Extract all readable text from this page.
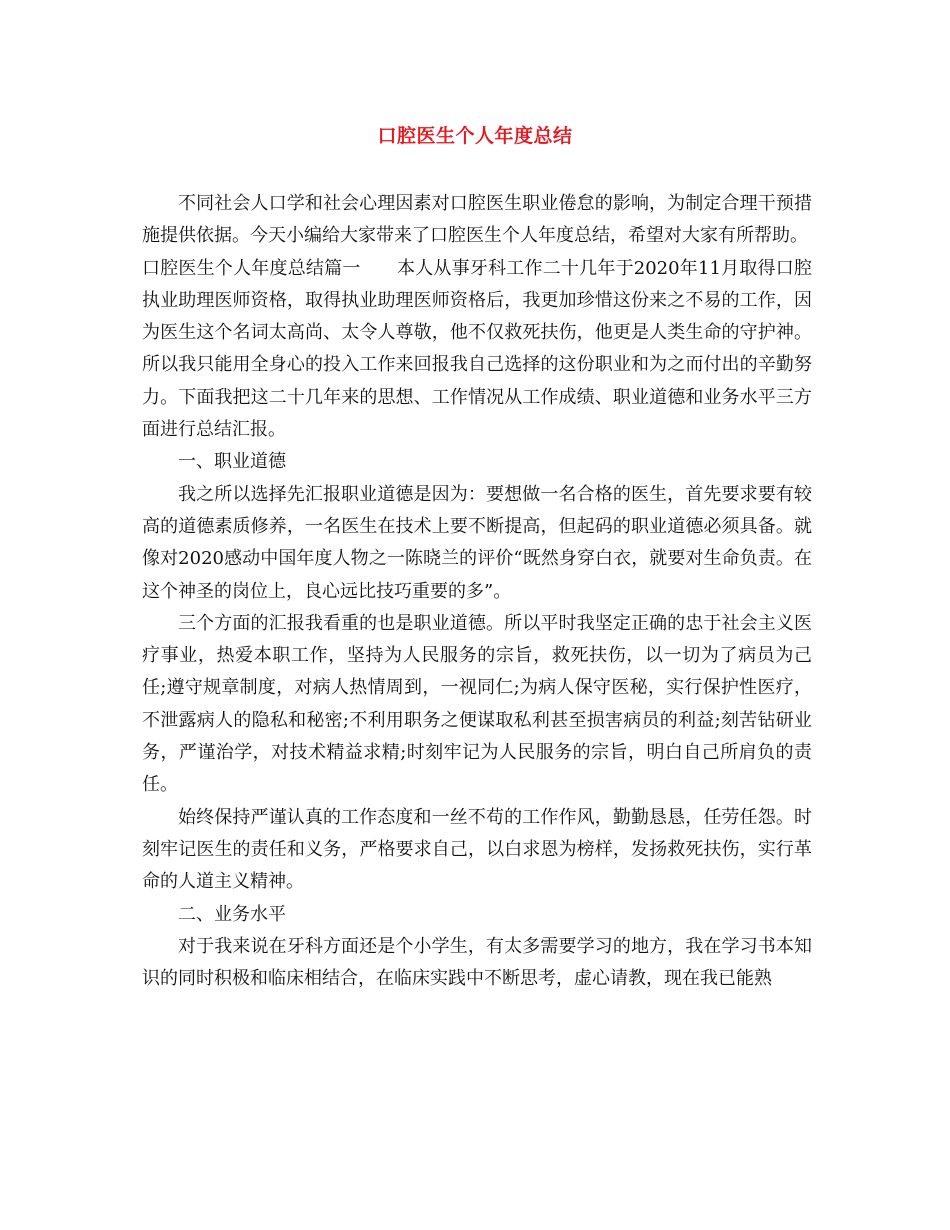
口腔医生个人年度总结

不同社会人口学和社会心理因素对口腔医生职业倦怠的影响，为制定合理干预措施提供依据。今天小编给大家带来了口腔医生个人年度总结，希望对大家有所帮助。

口腔医生个人年度总结篇一　　本人从事牙科工作二十几年于2020年11月取得口腔执业助理医师资格，取得执业助理医师资格后，我更加珍惜这份来之不易的工作，因为医生这个名词太高尚、太令人尊敬，他不仅救死扶伤，他更是人类生命的守护神。所以我只能用全身心的投入工作来回报我自己选择的这份职业和为之而付出的辛勤努力。下面我把这二十几年来的思想、工作情况从工作成绩、职业道德和业务水平三方面进行总结汇报。

一、职业道德

我之所以选择先汇报职业道德是因为：要想做一名合格的医生，首先要求要有较高的道德素质修养，一名医生在技术上要不断提高，但起码的职业道德必须具备。就像对2020感动中国年度人物之一陈晓兰的评价“既然身穿白衣，就要对生命负责。在这个神圣的岗位上，良心远比技巧重要的多”。

三个方面的汇报我看重的也是职业道德。所以平时我坚定正确的忠于社会主义医疗事业，热爱本职工作，坚持为人民服务的宗旨，救死扶伤，以一切为了病员为己任;遵守规章制度，对病人热情周到，一视同仁;为病人保守医秘，实行保护性医疗，不泄露病人的隐私和秘密;不利用职务之便谋取私利甚至损害病员的利益;刻苦钻研业务，严谨治学，对技术精益求精;时刻牢记为人民服务的宗旨，明白自己所肩负的责任。

始终保持严谨认真的工作态度和一丝不苟的工作作风，勤勤恳恳，任劳任怨。时刻牢记医生的责任和义务，严格要求自己，以白求恩为榜样，发扬救死扶伤，实行革命的人道主义精神。

二、业务水平

对于我来说在牙科方面还是个小学生，有太多需要学习的地方，我在学习书本知识的同时积极和临床相结合，在临床实践中不断思考，虚心请教，现在我已能熟
